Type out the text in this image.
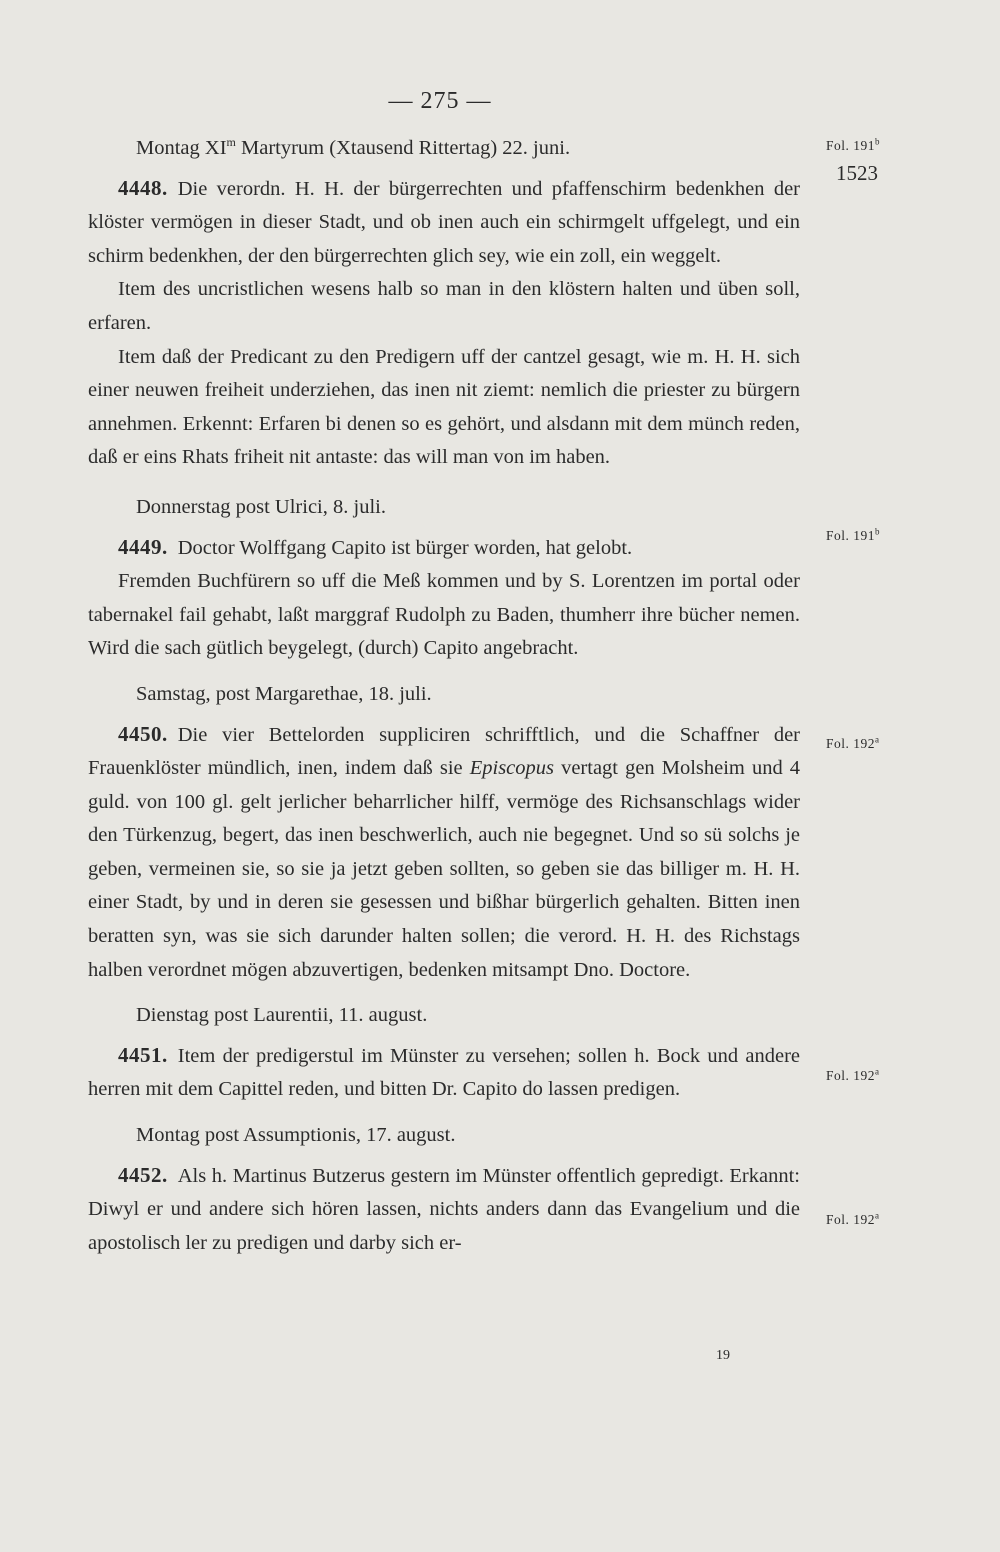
— 275 —
1523
Fol. 191$^b$
Fol. 191$^b$
Fol. 192$^a$
Fol. 192$^a$
Fol. 192$^a$

Montag $XI^m$ Martyrum (Xtausend Rittertag) 22. juni.

4448. Die verordn. H. H. der bürgerrechten und pfaffenschirm bedenkhen der klöster vermögen in dieser Stadt, und ob inen auch ein schirmgelt uffgelegt, und ein schirm bedenkhen, der den bürgerrechten glich sey, wie ein zoll, ein weggelt.

Item des uncristlichen wesens halb so man in den klöstern halten und üben soll, erfaren.

Item daß der Predicant zu den Predigern uff der cantzel gesagt, wie m. H. H. sich einer neuwen freiheit underziehen, das inen nit ziemt: nemlich die priester zu bürgern annehmen. Erkennt: Erfaren bi denen so es gehört, und alsdann mit dem münch reden, daß er eins Rhats friheit nit antaste: das will man von im haben.

Donnerstag post Ulrici, 8. juli.

4449. Doctor Wolffgang Capito ist bürger worden, hat gelobt.

Fremden Buchfürern so uff die Meß kommen und by S. Lorentzen im portal oder tabernakel fail gehabt, laßt marggraf Rudolph zu Baden, thumherr ihre bücher nemen. Wird die sach gütlich beygelegt, (durch) Capito angebracht.

Samstag, post Margarethae, 18. juli.

4450. Die vier Bettelorden suppliciren schrifftlich, und die Schaffner der Frauenklöster mündlich, inen, indem daß sie Episcopus vertagt gen Molsheim und 4 guld. von 100 gl. gelt jerlicher beharrlicher hilff, vermöge des Richsanschlags wider den Türkenzug, begert, das inen beschwerlich, auch nie begegnet. Und so sü solchs je geben, vermeinen sie, so sie ja jetzt geben sollten, so geben sie das billiger m. H. H. einer Stadt, by und in deren sie gesessen und bißhar bürgerlich gehalten. Bitten inen beratten syn, was sie sich darunder halten sollen; die verord. H. H. des Richstags halben verordnet mögen abzuvertigen, bedenken mitsampt Dno. Doctore.

Dienstag post Laurentii, 11. august.

4451. Item der predigerstul im Münster zu versehen; sollen h. Bock und andere herren mit dem Capittel reden, und bitten Dr. Capito do lassen predigen.

Montag post Assumptionis, 17. august.

4452. Als h. Martinus Butzerus gestern im Münster offentlich gepredigt. Erkannt: Diwyl er und andere sich hören lassen, nichts anders dann das Evangelium und die apostolisch ler zu predigen und darby sich er-

19
